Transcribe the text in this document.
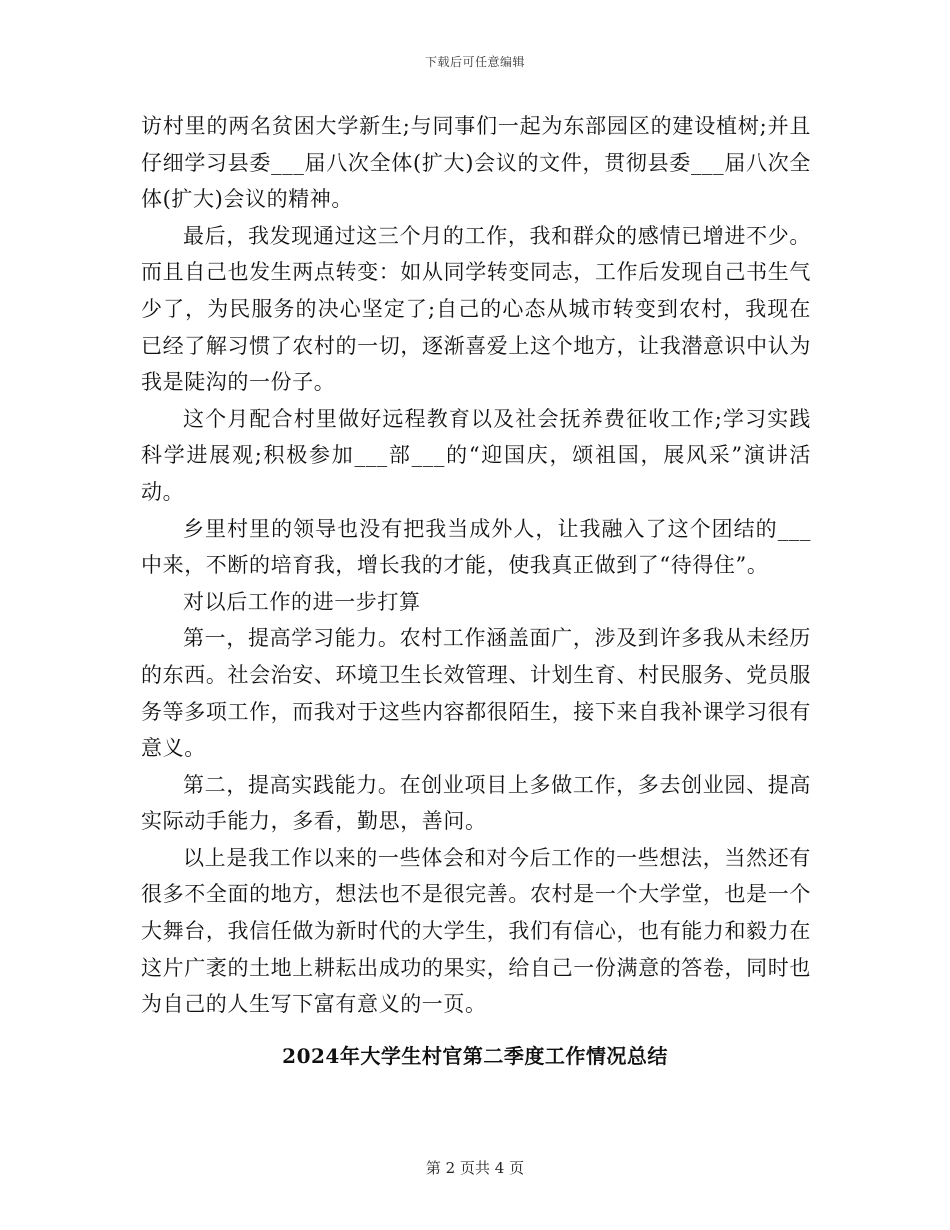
下载后可任意编辑

访村里的两名贫困大学新生;与同事们一起为东部园区的建设植树;并且仔细学习县委___届八次全体(扩大)会议的文件，贯彻县委___届八次全体(扩大)会议的精神。

最后，我发现通过这三个月的工作，我和群众的感情已增进不少。而且自己也发生两点转变：如从同学转变同志，工作后发现自己书生气少了，为民服务的决心坚定了;自己的心态从城市转变到农村，我现在已经了解习惯了农村的一切，逐渐喜爱上这个地方，让我潜意识中认为我是陡沟的一份子。

这个月配合村里做好远程教育以及社会抚养费征收工作;学习实践科学进展观;积极参加___部___的“迎国庆，颂祖国，展风采”演讲活动。

乡里村里的领导也没有把我当成外人，让我融入了这个团结的___中来，不断的培育我，增长我的才能，使我真正做到了“待得住”。

对以后工作的进一步打算

第一，提高学习能力。农村工作涵盖面广，涉及到许多我从未经历的东西。社会治安、环境卫生长效管理、计划生育、村民服务、党员服务等多项工作，而我对于这些内容都很陌生，接下来自我补课学习很有意义。

第二，提高实践能力。在创业项目上多做工作，多去创业园、提高实际动手能力，多看，勤思，善问。

以上是我工作以来的一些体会和对今后工作的一些想法，当然还有很多不全面的地方，想法也不是很完善。农村是一个大学堂，也是一个大舞台，我信任做为新时代的大学生，我们有信心，也有能力和毅力在这片广袤的土地上耕耘出成功的果实，给自己一份满意的答卷，同时也为自己的人生写下富有意义的一页。

2024年大学生村官第二季度工作情况总结
第 2 页共 4 页
